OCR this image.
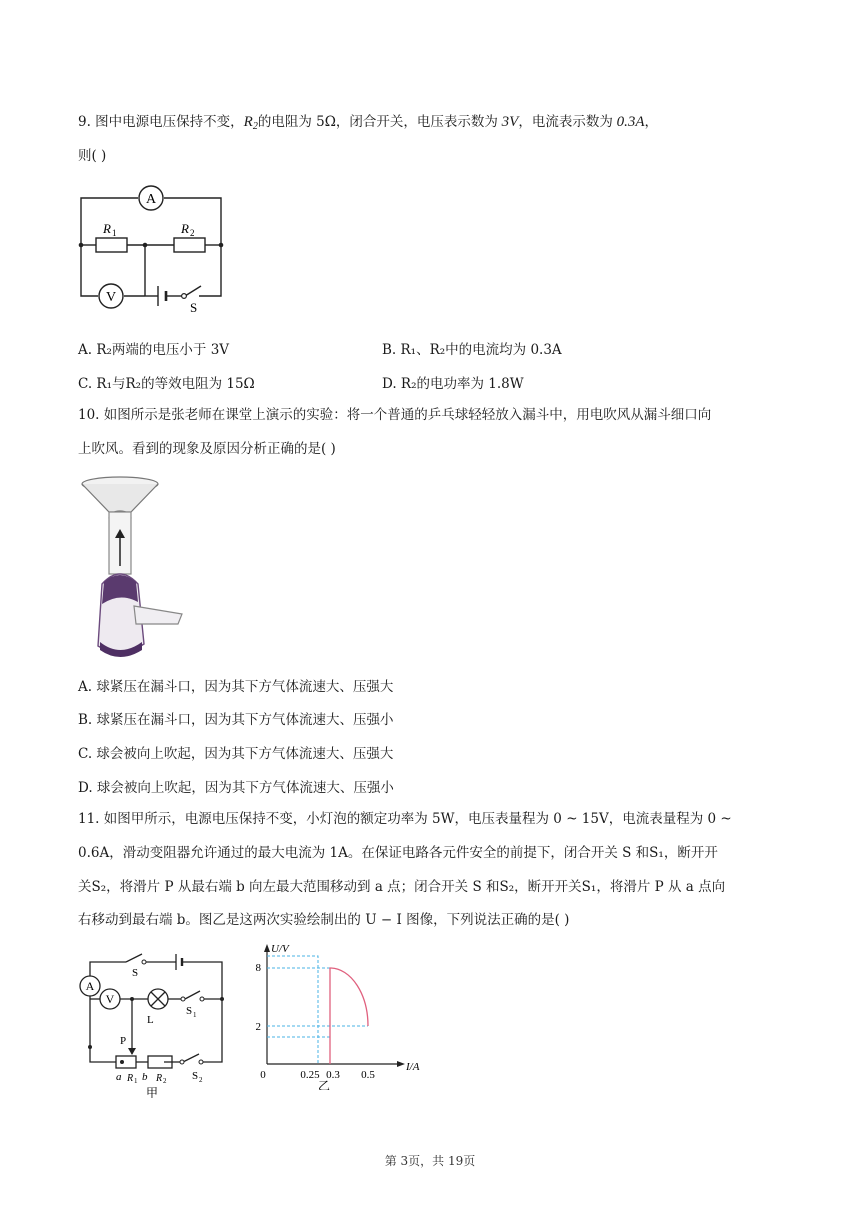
9. 图中电源电压保持不变，$R_2$的电阻为 5Ω，闭合开关，电压表示数为 3V，电流表示数为 0.3A，
则( )
A
V
R 1	R 2
S
A. R₂两端的电压小于 3V	B. R₁、R₂中的电流均为 0.3A
C. R₁与R₂的等效电阻为 15Ω	D. R₂的电功率为 1.8W
10. 如图所示是张老师在课堂上演示的实验：将一个普通的乒乓球轻轻放入漏斗中，用电吹风从漏斗细口向
上吹风。看到的现象及原因分析正确的是( )
A. 球紧压在漏斗口，因为其下方气体流速大、压强大
B. 球紧压在漏斗口，因为其下方气体流速大、压强小
C. 球会被向上吹起，因为其下方气体流速大、压强大
D. 球会被向上吹起，因为其下方气体流速大、压强小
11. 如图甲所示，电源电压保持不变，小灯泡的额定功率为 5W，电压表量程为 0 ~ 15V，电流表量程为 0 ~
0.6A，滑动变阻器允许通过的最大电流为 1A。在保证电路各元件安全的前提下，闭合开关 S 和S₁，断开开
关S₂，将滑片 P 从最右端 b 向左最大范围移动到 a 点；闭合开关 S 和S₂，断开开关S₁，将滑片 P 从 a 点向
右移动到最右端 b。图乙是这两次实验绘制出的 U − I 图像，下列说法正确的是( )
S
A
V
L
S 1
P
a b
R 1 R 2 S 2
甲
U/V
I/A
0
8
2
0.25 0.3 0.5
乙
第 3页，共 19页
